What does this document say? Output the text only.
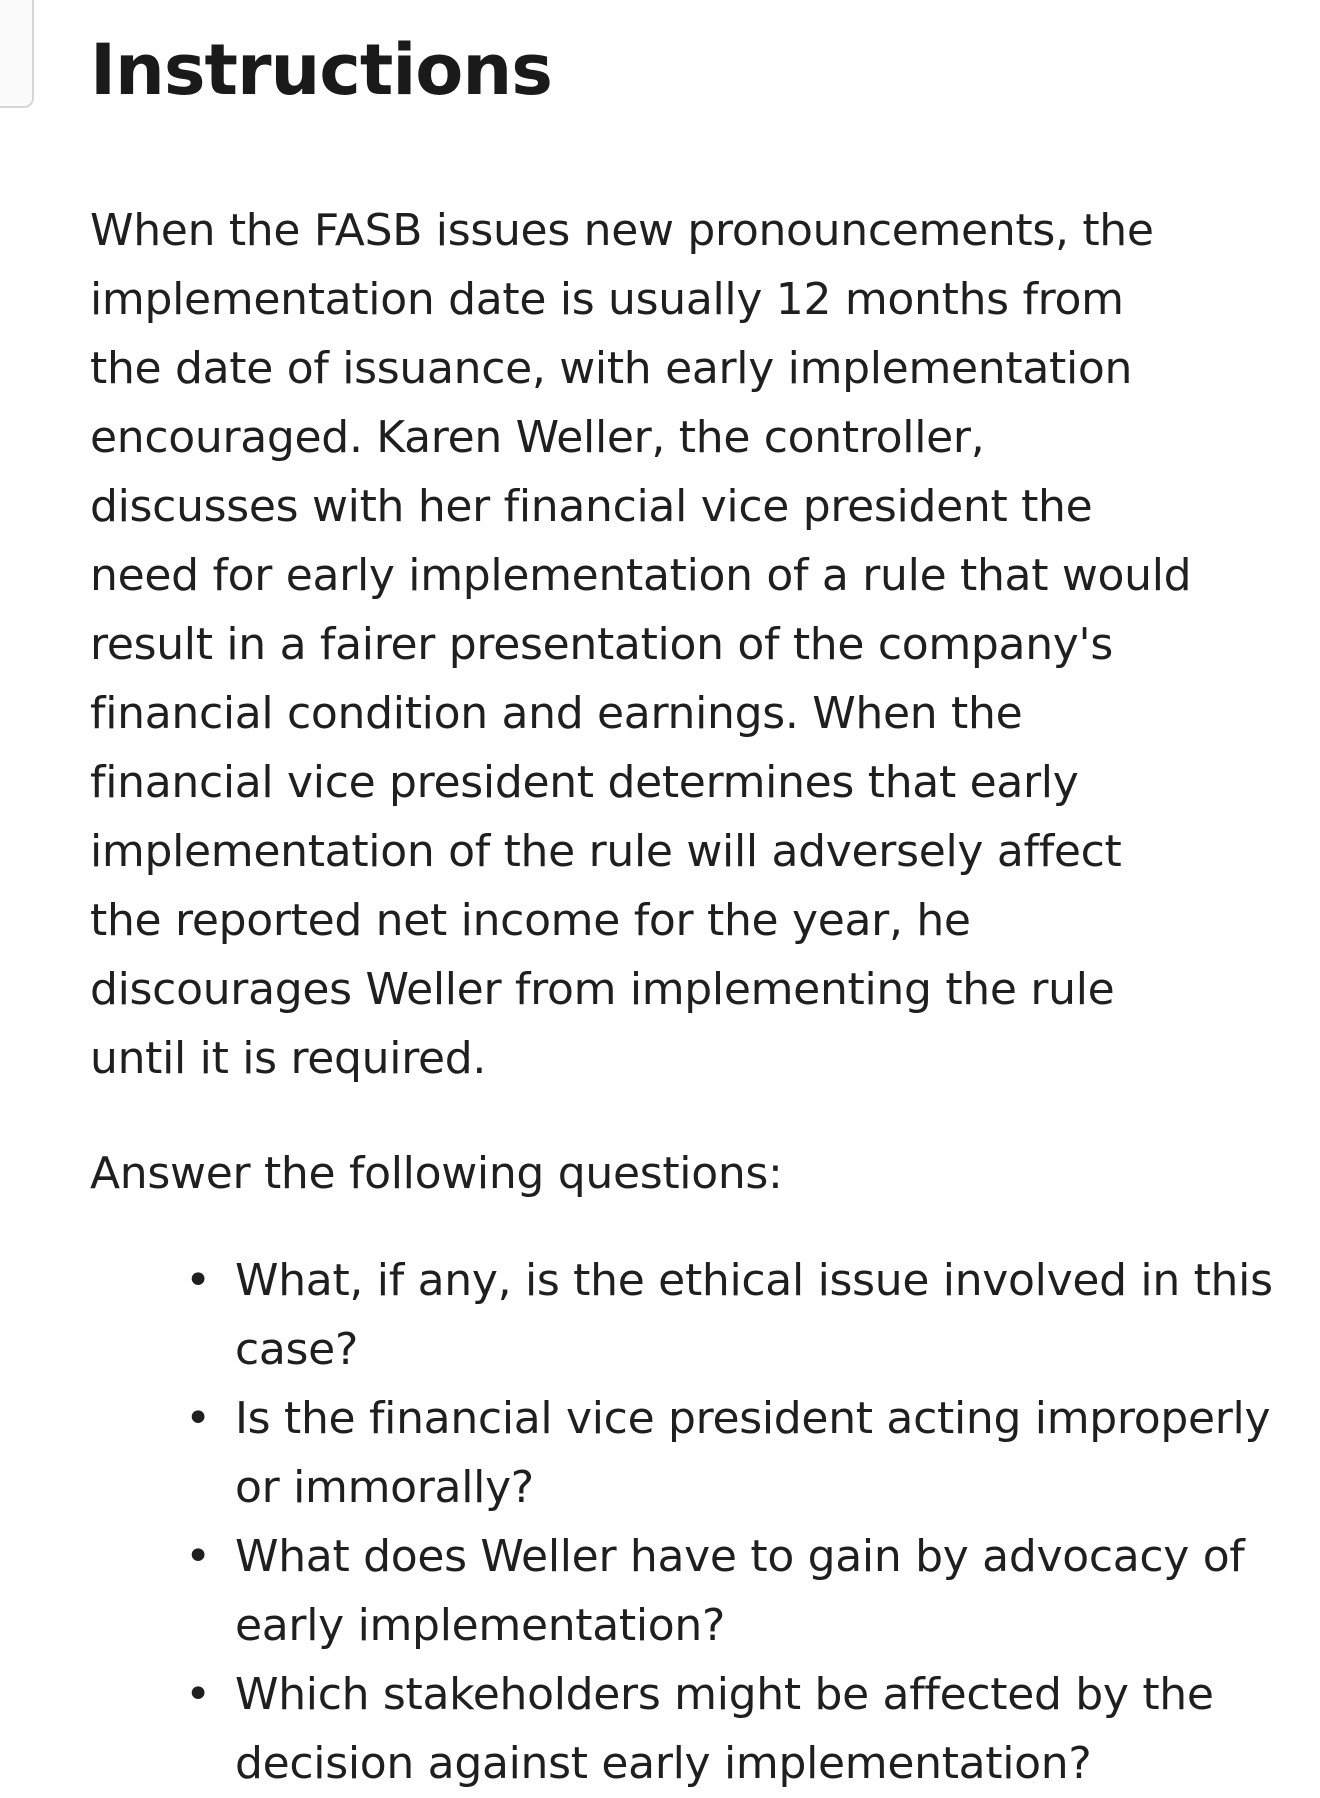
Instructions

When the FASB issues new pronouncements, the implementation date is usually 12 months from the date of issuance, with early implementation encouraged. Karen Weller, the controller, discusses with her financial vice president the need for early implementation of a rule that would result in a fairer presentation of the company's financial condition and earnings. When the financial vice president determines that early implementation of the rule will adversely affect the reported net income for the year, he discourages Weller from implementing the rule until it is required.

Answer the following questions:

• What, if any, is the ethical issue involved in this case?
• Is the financial vice president acting improperly or immorally?
• What does Weller have to gain by advocacy of early implementation?
• Which stakeholders might be affected by the decision against early implementation?
